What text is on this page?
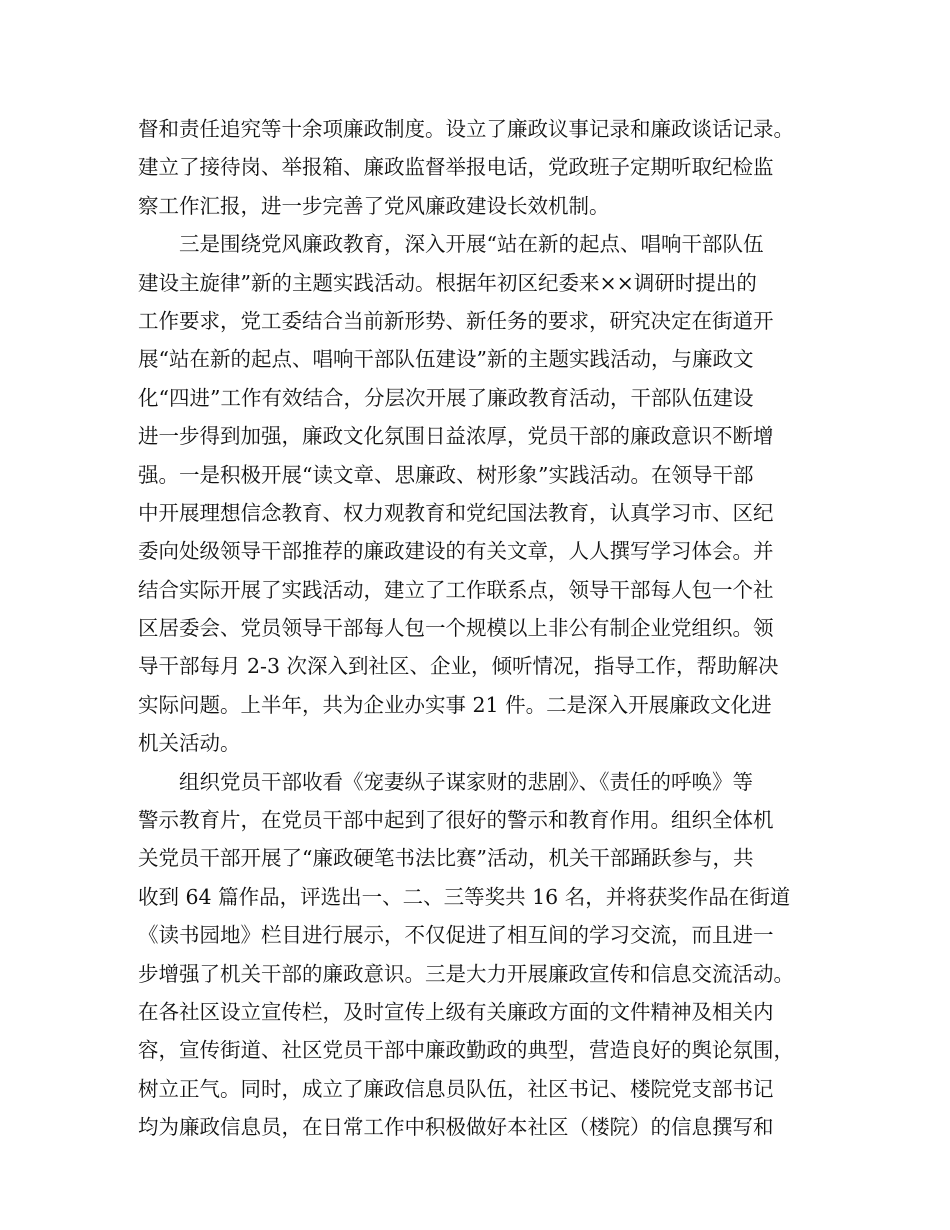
督和责任追究等十余项廉政制度。设立了廉政议事记录和廉政谈话记录。
建立了接待岗、举报箱、廉政监督举报电话，党政班子定期听取纪检监
察工作汇报，进一步完善了党风廉政建设长效机制。
　　三是围绕党风廉政教育，深入开展“站在新的起点、唱响干部队伍
建设主旋律”新的主题实践活动。根据年初区纪委来××调研时提出的
工作要求，党工委结合当前新形势、新任务的要求，研究决定在街道开
展“站在新的起点、唱响干部队伍建设”新的主题实践活动，与廉政文
化“四进”工作有效结合，分层次开展了廉政教育活动，干部队伍建设
进一步得到加强，廉政文化氛围日益浓厚，党员干部的廉政意识不断增
强。一是积极开展“读文章、思廉政、树形象”实践活动。在领导干部
中开展理想信念教育、权力观教育和党纪国法教育，认真学习市、区纪
委向处级领导干部推荐的廉政建设的有关文章，人人撰写学习体会。并
结合实际开展了实践活动，建立了工作联系点，领导干部每人包一个社
区居委会、党员领导干部每人包一个规模以上非公有制企业党组织。领
导干部每月 2-3 次深入到社区、企业，倾听情况，指导工作，帮助解决
实际问题。上半年，共为企业办实事 21 件。二是深入开展廉政文化进
机关活动。
　　组织党员干部收看《宠妻纵子谋家财的悲剧》、《责任的呼唤》等
警示教育片，在党员干部中起到了很好的警示和教育作用。组织全体机
关党员干部开展了“廉政硬笔书法比赛”活动，机关干部踊跃参与，共
收到 64 篇作品，评选出一、二、三等奖共 16 名，并将获奖作品在街道
《读书园地》栏目进行展示，不仅促进了相互间的学习交流，而且进一
步增强了机关干部的廉政意识。三是大力开展廉政宣传和信息交流活动。
在各社区设立宣传栏，及时宣传上级有关廉政方面的文件精神及相关内
容，宣传街道、社区党员干部中廉政勤政的典型，营造良好的舆论氛围，
树立正气。同时，成立了廉政信息员队伍，社区书记、楼院党支部书记
均为廉政信息员，在日常工作中积极做好本社区（楼院）的信息撰写和
